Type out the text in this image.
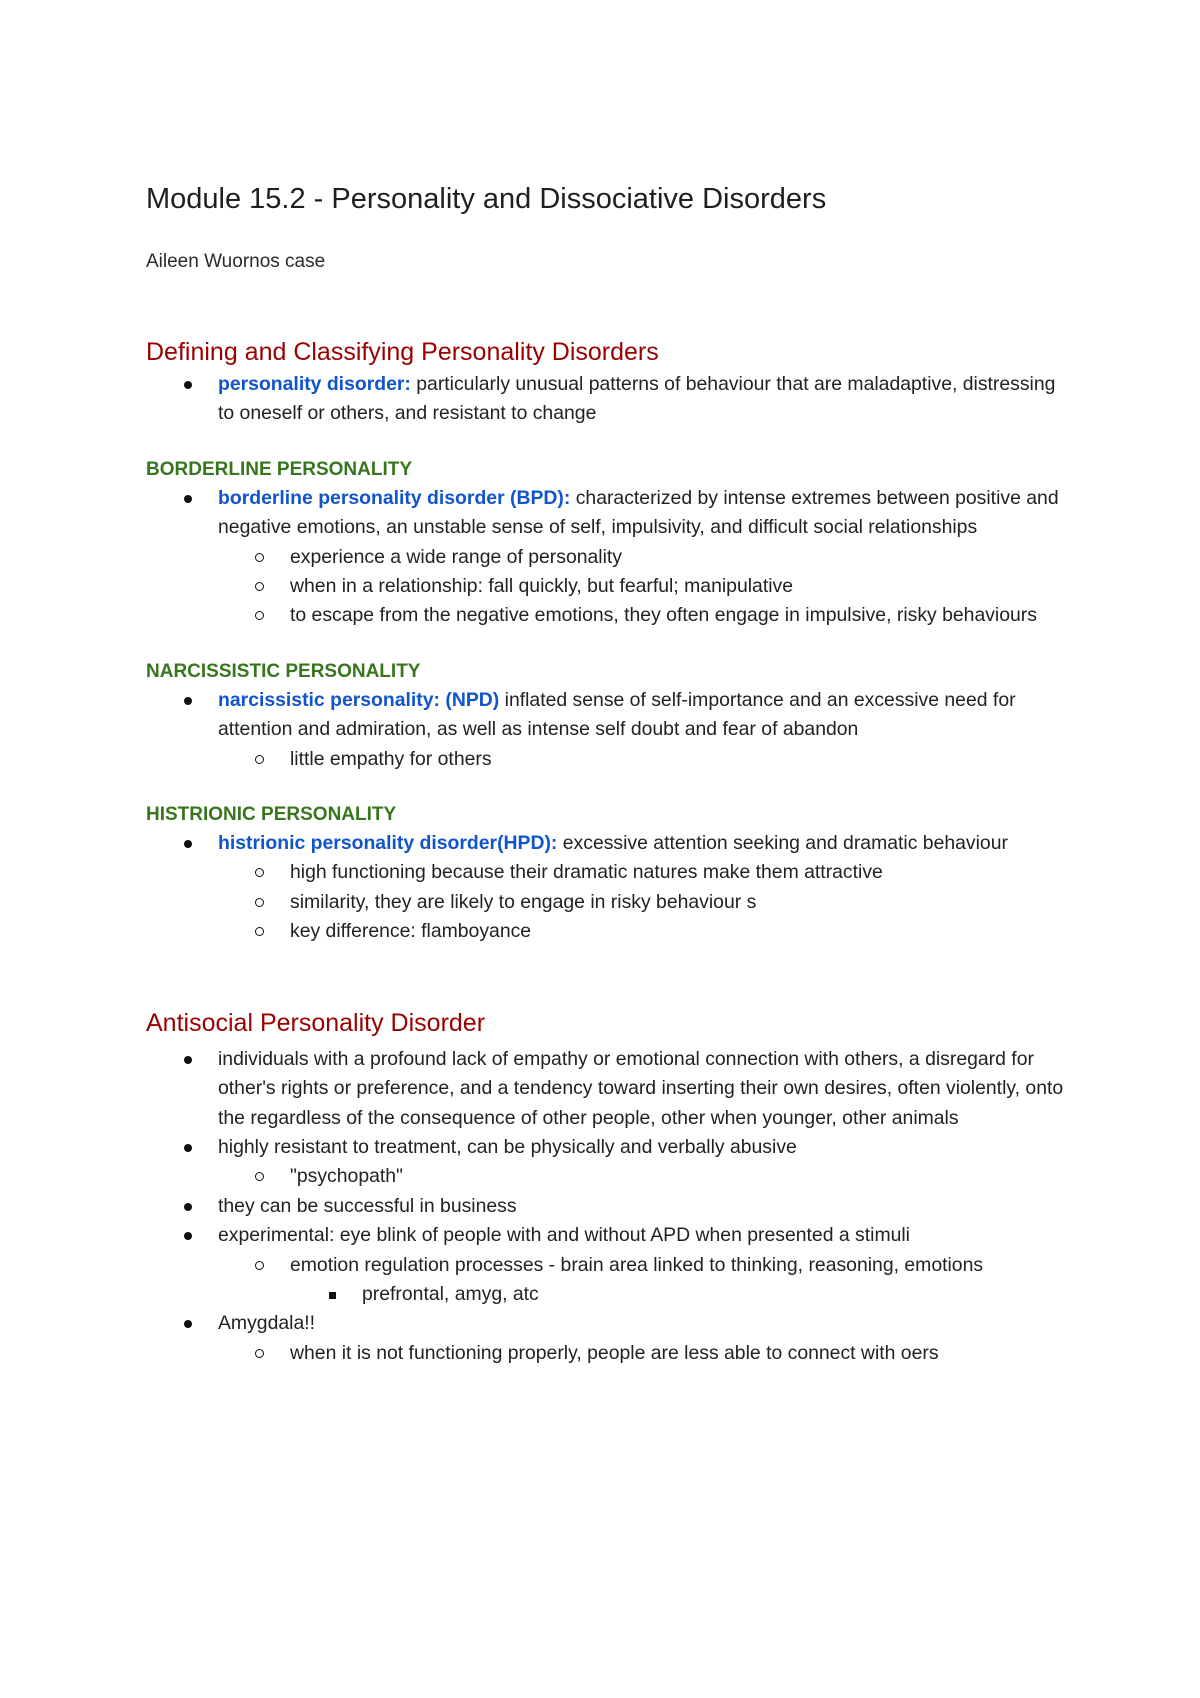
Module 15.2 - Personality and Dissociative Disorders

Aileen Wuornos case

Defining and Classifying Personality Disorders
personality disorder: particularly unusual patterns of behaviour that are maladaptive, distressing to oneself or others, and resistant to change
BORDERLINE PERSONALITY
borderline personality disorder (BPD): characterized by intense extremes between positive and negative emotions, an unstable sense of self, impulsivity, and difficult social relationships
experience a wide range of personality
when in a relationship: fall quickly, but fearful; manipulative
to escape from the negative emotions, they often engage in impulsive, risky behaviours
NARCISSISTIC PERSONALITY
narcissistic personality: (NPD) inflated sense of self-importance and an excessive need for attention and admiration, as well as intense self doubt and fear of abandon
little empathy for others
HISTRIONIC PERSONALITY
histrionic personality disorder(HPD): excessive attention seeking and dramatic behaviour
high functioning because their dramatic natures make them attractive
similarity, they are likely to engage in risky behaviour s
key difference: flamboyance
Antisocial Personality Disorder
individuals with a profound lack of empathy or emotional connection with others, a disregard for other's rights or preference, and a tendency toward inserting their own desires, often violently, onto the regardless of the consequence of other people, other when younger, other animals
highly resistant to treatment, can be physically and verbally abusive
"psychopath"
they can be successful in business
experimental: eye blink of people with and without APD when presented a stimuli
emotion regulation processes - brain area linked to thinking, reasoning, emotions
prefrontal, amyg, atc
Amygdala!!
when it is not functioning properly, people are less able to connect with oers
